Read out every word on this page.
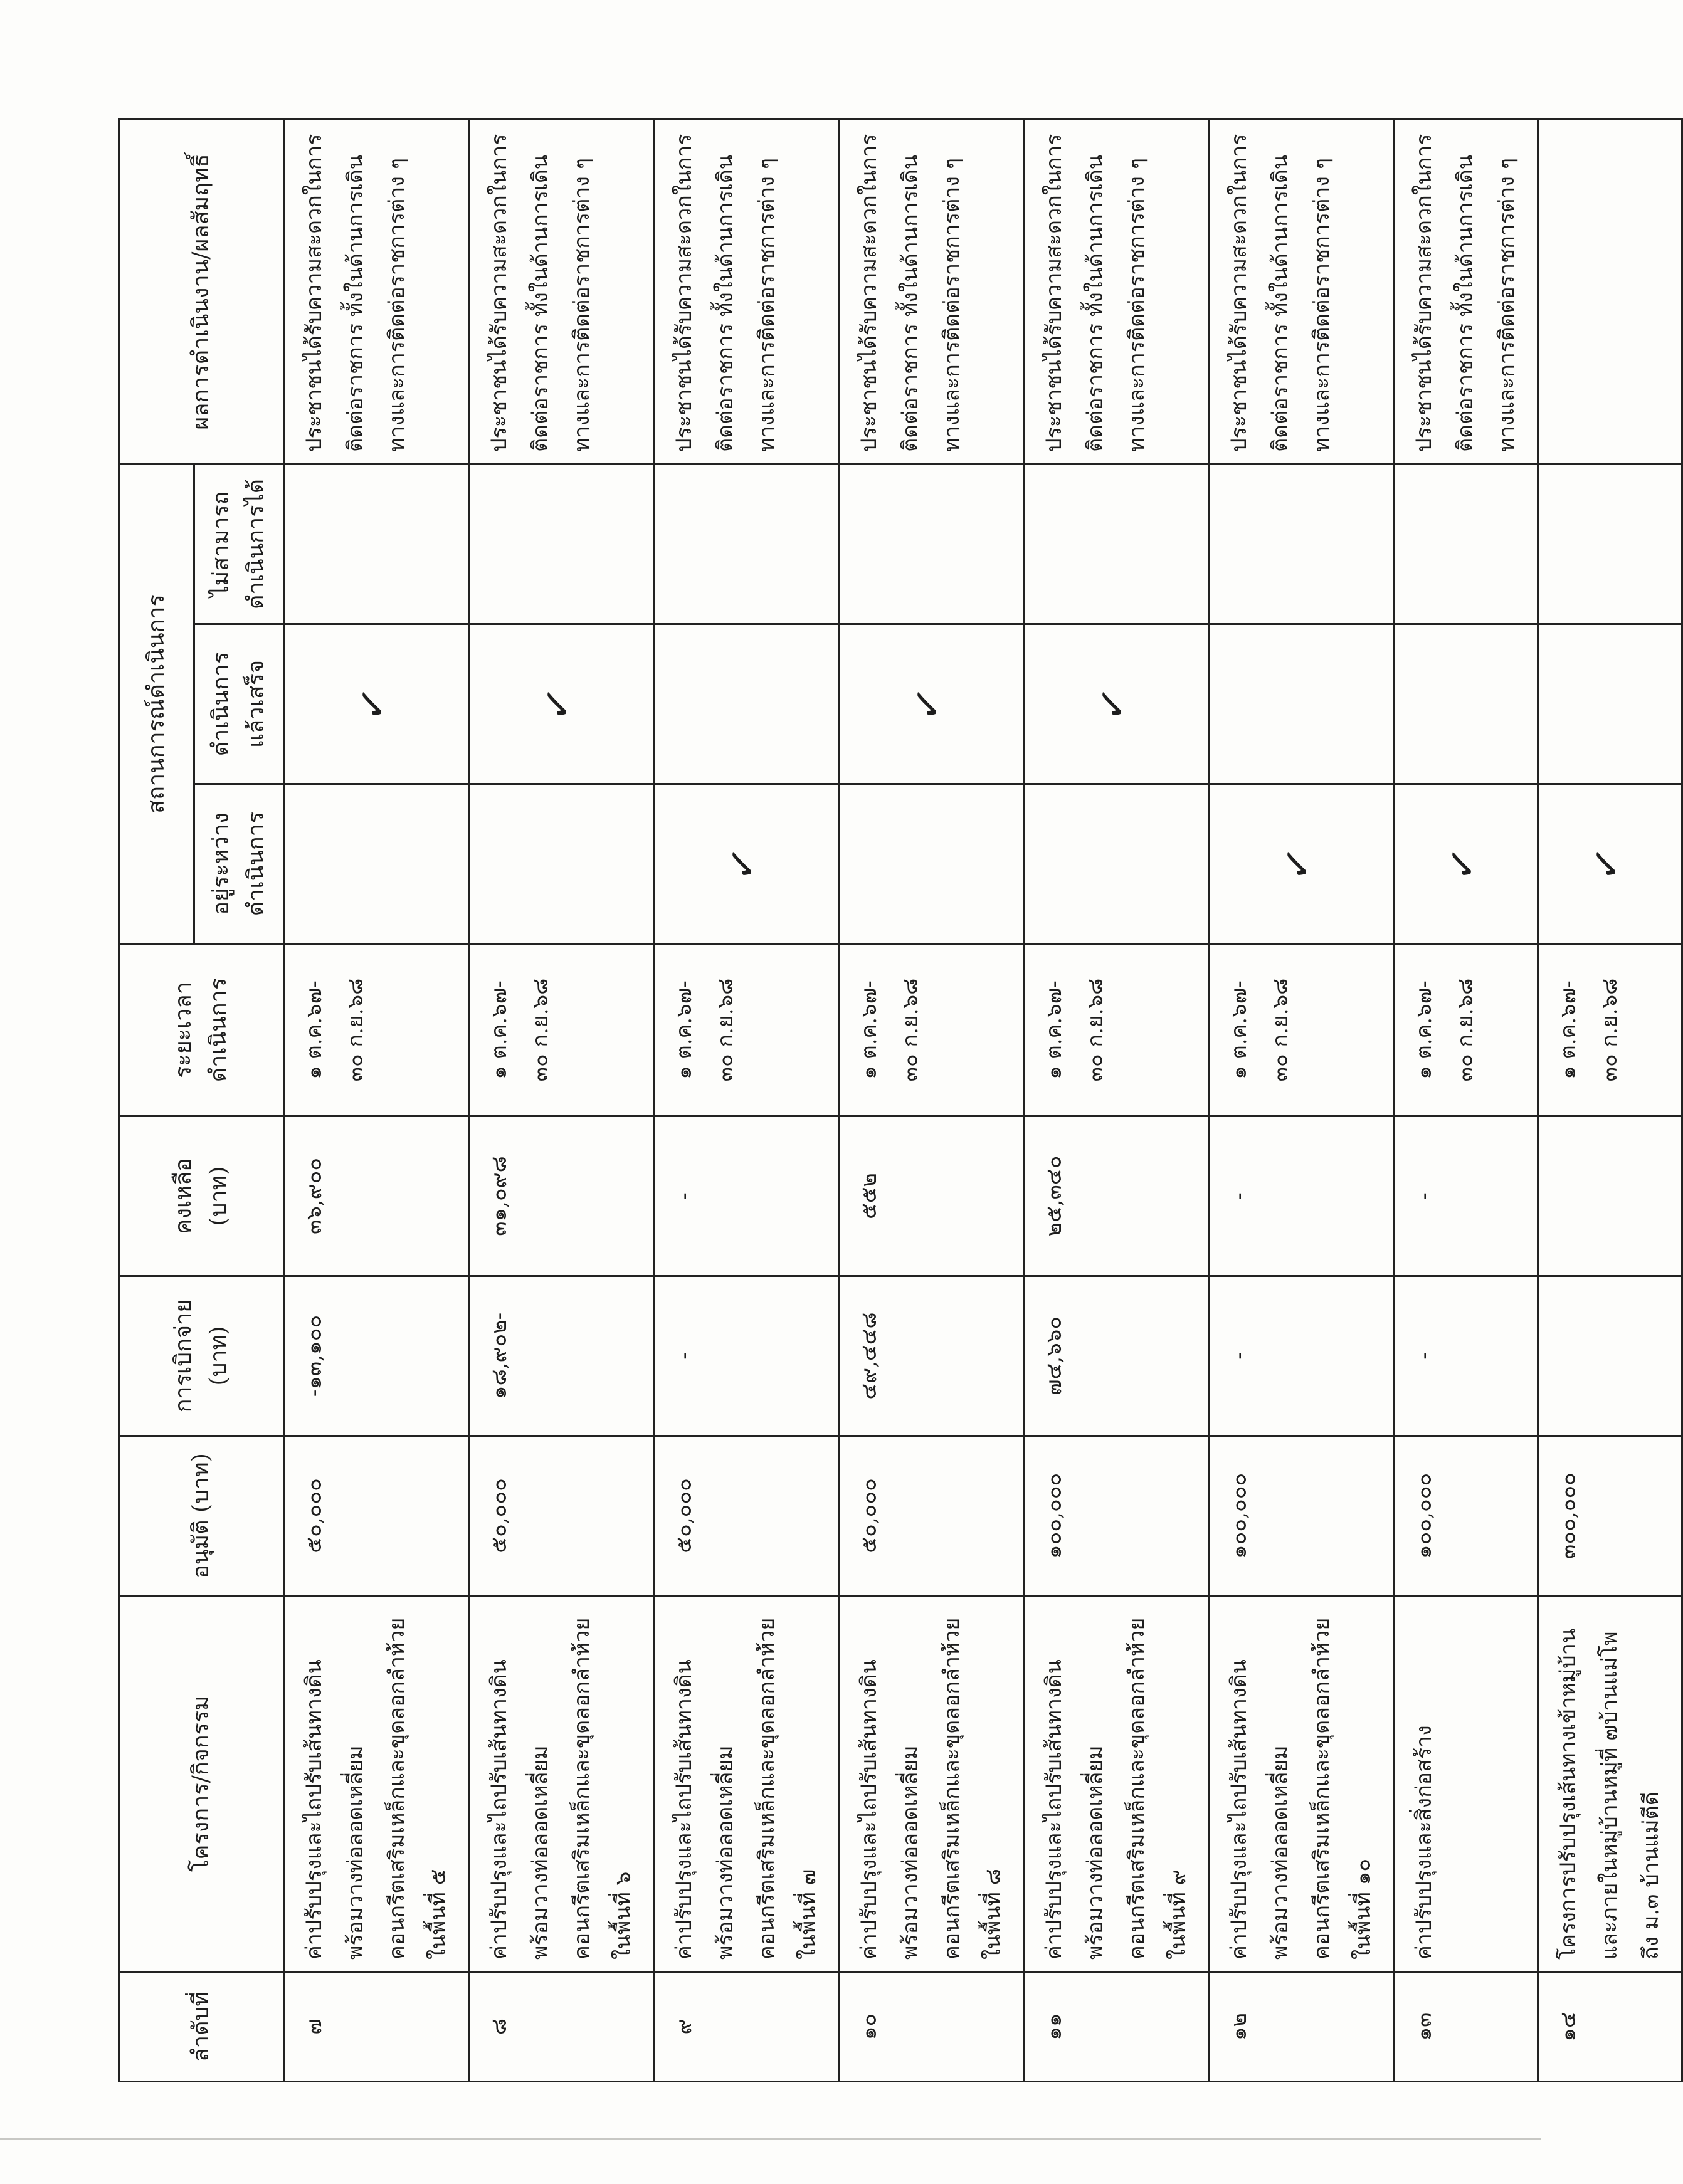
ลำดับที่	โครงการ/กิจกรรม	อนุมัติ (บาท)	การเบิกจ่าย (บาท)	คงเหลือ (บาท)	ระยะเวลาดำเนินการ	สถานการณ์ดำเนินการ			ผลการดำเนินงาน/ผลสัมฤทธิ์
						อยู่ระหว่างดำเนินการ	ดำเนินการแล้วเสร็จ	ไม่สามารถดำเนินการได้	
๗	ค่าปรับปรุงและไถปรับเส้นทางดิน พร้อมวางท่อลอดเหลี่ยมคอนกรีตเสริมเหล็กและขุดลอกลำห้วยในพื้นที่ ๕	๕๐,๐๐๐	-๑๓,๑๐๐	๓๖,๙๐๐	๑ ต.ค.๖๗- ๓๐ ก.ย.๖๘		✓		ประชาชนได้รับความสะดวกในการติดต่อราชการ ทั้งในด้านการเดินทางและการติดต่อราชการต่าง ๆ
๘	ค่าปรับปรุงและไถปรับเส้นทางดิน พร้อมวางท่อลอดเหลี่ยมคอนกรีตเสริมเหล็กและขุดลอกลำห้วยในพื้นที่ ๖	๕๐,๐๐๐	๑๘,๙๐๒-	๓๑,๐๙๘	๑ ต.ค.๖๗- ๓๐ ก.ย.๖๘		✓		ประชาชนได้รับความสะดวกในการติดต่อราชการ ทั้งในด้านการเดินทางและการติดต่อราชการต่าง ๆ
๙	ค่าปรับปรุงและไถปรับเส้นทางดิน พร้อมวางท่อลอดเหลี่ยมคอนกรีตเสริมเหล็กและขุดลอกลำห้วยในพื้นที่ ๗	๕๐,๐๐๐	-	-	๑ ต.ค.๖๗- ๓๐ ก.ย.๖๘	✓			ประชาชนได้รับความสะดวกในการติดต่อราชการ ทั้งในด้านการเดินทางและการติดต่อราชการต่าง ๆ
๑๐	ค่าปรับปรุงและไถปรับเส้นทางดิน พร้อมวางท่อลอดเหลี่ยมคอนกรีตเสริมเหล็กและขุดลอกลำห้วยในพื้นที่ ๘	๕๐,๐๐๐	๔๙,๔๔๘	๕๕๒	๑ ต.ค.๖๗- ๓๐ ก.ย.๖๘		✓		ประชาชนได้รับความสะดวกในการติดต่อราชการ ทั้งในด้านการเดินทางและการติดต่อราชการต่าง ๆ
๑๑	ค่าปรับปรุงและไถปรับเส้นทางดิน พร้อมวางท่อลอดเหลี่ยมคอนกรีตเสริมเหล็กและขุดลอกลำห้วยในพื้นที่ ๙	๑๐๐,๐๐๐	๗๔,๖๖๐	๒๕,๓๔๐	๑ ต.ค.๖๗- ๓๐ ก.ย.๖๘		✓		ประชาชนได้รับความสะดวกในการติดต่อราชการ ทั้งในด้านการเดินทางและการติดต่อราชการต่าง ๆ
๑๒	ค่าปรับปรุงและไถปรับเส้นทางดิน พร้อมวางท่อลอดเหลี่ยมคอนกรีตเสริมเหล็กและขุดลอกลำห้วยในพื้นที่ ๑๐	๑๐๐,๐๐๐	-	-	๑ ต.ค.๖๗- ๓๐ ก.ย.๖๘	✓			ประชาชนได้รับความสะดวกในการติดต่อราชการ ทั้งในด้านการเดินทางและการติดต่อราชการต่าง ๆ
๑๓	ค่าปรับปรุงและสิ่งก่อสร้าง	๑๐๐,๐๐๐	-	-	๑ ต.ค.๖๗- ๓๐ ก.ย.๖๘	✓			ประชาชนได้รับความสะดวกในการติดต่อราชการ ทั้งในด้านการเดินทางและการติดต่อราชการต่าง ๆ
๑๔	โครงการปรับปรุงเส้นทางเข้าหมู่บ้านและภายในหมู่บ้านหมู่ที่ ๗บ้านแม่โพ ถึง ม.๓ บ้านแม่ตีดี	๓๐๐,๐๐๐			๑ ต.ค.๖๗- ๓๐ ก.ย.๖๘	✓			
